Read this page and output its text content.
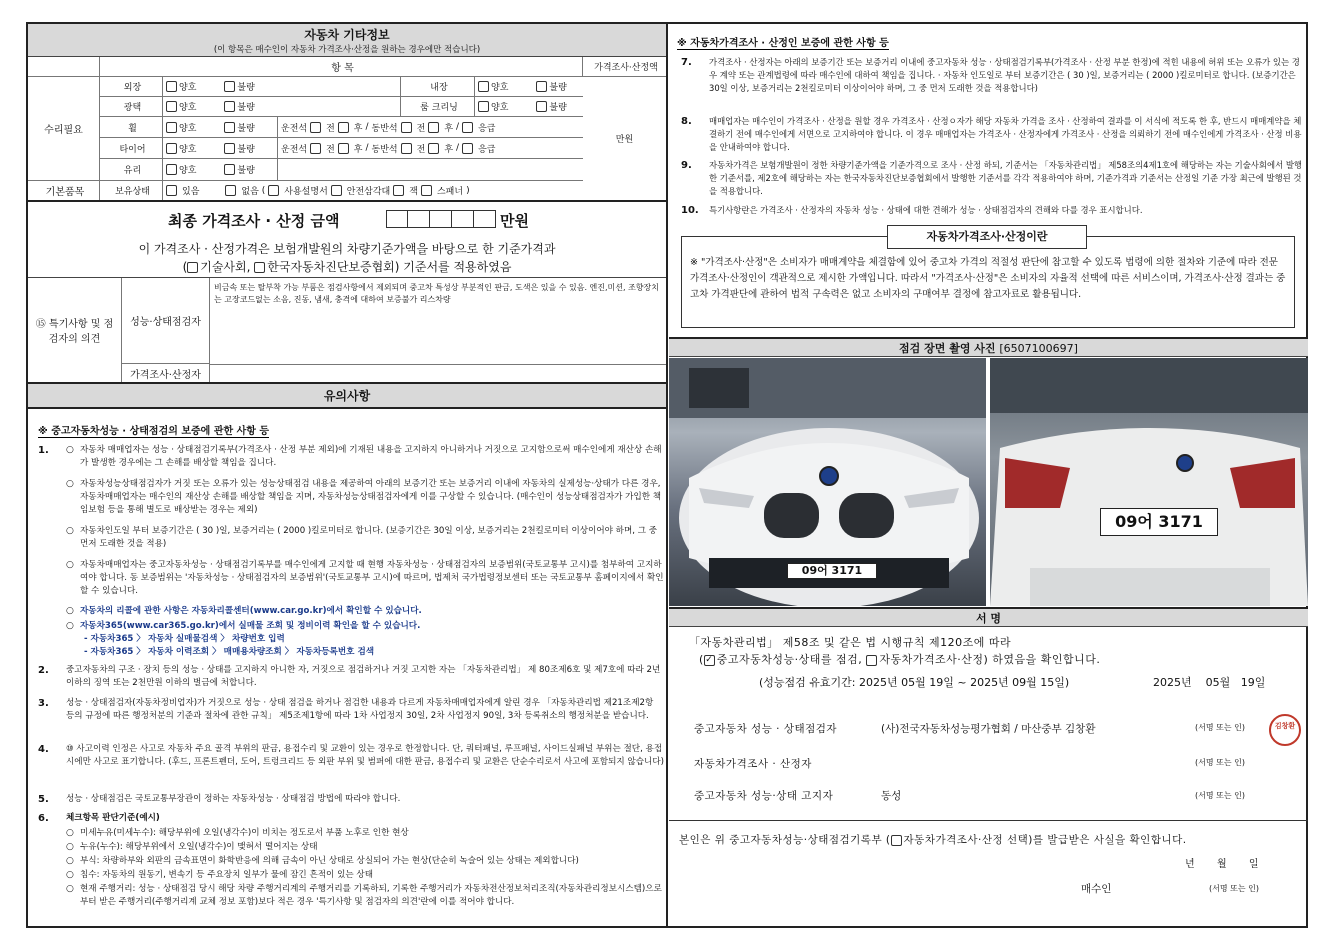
자동차 기타정보
(이 항목은 매수인이 자동차 가격조사·산정을 원하는 경우에만 적습니다)
항 목	가격조사·산정액
수리필요
만원
외장	양호	불량	내장	양호	불량
광택	양호	불량	룸 크리닝	양호	불량
휠	양호	불량	운전석 전 후 / 동반석 전 후 / 응급
타이어	양호	불량	운전석 전 후 / 동반석 전 후 / 응급
유리	양호	불량
기본품목	보유상태	있음	없음 ( 사용설명서 안전삼각대 잭 스패너 )
최종 가격조사 · 산정 금액	만원
이 가격조사 · 산정가격은 보험개발원의 차량기준가액을 바탕으로 한 기준가격과
( 기술사회, 한국자동차진단보증협회) 기준서를 적용하였음
⑮ 특기사항 및 점검자의 의견
성능·상태점검자
비금속 또는 탈부착 가능 부품은 점검사항에서 제외되며 중고차 특성상 부분적인 판금, 도색은 있을 수 있음. 엔진,미션, 조향장치는 고장코드없는 소음, 진동, 냄새, 충격에 대하여 보증불가 리스차량
가격조사·산정자
유의사항
※ 중고자동차성능 · 상태점검의 보증에 관한 사항 등
1. ○ 자동차 매매업자는 성능 · 상태점검기록부(가격조사 · 산정 부분 제외)에 기재된 내용을 고지하지 아니하거나 거짓으로 고지함으로써 매수인에게 재산상 손해가 발생한 경우에는 그 손해를 배상할 책임을 집니다.
○ 자동차성능상태점검자가 거짓 또는 오류가 있는 성능상태점검 내용을 제공하여 아래의 보증기간 또는 보증거리 이내에 자동차의 실제성능·상태가 다른 경우, 자동차매매업자는 매수인의 재산상 손해를 배상할 책임을 지며, 자동차성능상태점검자에게 이를 구상할 수 있습니다. (매수인이 성능상태점검자가 가입한 책임보험 등을 통해 별도로 배상받는 경우는 제외)
○ 자동차인도일 부터 보증기간은 ( 30 )일, 보증거리는 ( 2000 )킬로미터로 합니다. (보증기간은 30일 이상, 보증거리는 2천킬로미터 이상이어야 하며, 그 중 먼저 도래한 것을 적용)
○ 자동차매매업자는 중고자동차성능 · 상태점검기록부를 매수인에게 고지할 때 현행 자동차성능 · 상태점검자의 보증범위(국토교통부 고시)를 첨부하여 고지하여야 합니다. 동 보증범위는 '자동차성능 · 상태점검자의 보증범위'(국토교통부 고시)에 따르며, 법제처 국가법령정보센터 또는 국토교통부 홈페이지에서 확인할 수 있습니다.
○ 자동차의 리콜에 관한 사항은 자동차리콜센터(www.car.go.kr)에서 확인할 수 있습니다.
○ 자동차365(www.car365.go.kr)에서 실매물 조회 및 정비이력 확인을 할 수 있습니다.
- 자동차365 〉 자동차 실매물검색 〉 차량번호 입력
- 자동차365 〉 자동차 이력조회 〉 매매용차량조회 〉 자동차등록번호 검색
2. 중고자동차의 구조 · 장치 등의 성능 · 상태를 고지하지 아니한 자, 거짓으로 점검하거나 거짓 고지한 자는 「자동차관리법」 제 80조제6호 및 제7호에 따라 2년 이하의 징역 또는 2천만원 이하의 벌금에 처합니다.
3. 성능 · 상태점검자(자동차정비업자)가 거짓으로 성능 · 상태 점검을 하거나 점검한 내용과 다르게 자동차매매업자에게 알린 경우 「자동차관리법 제21조제2항 등의 규정에 따른 행정처분의 기준과 절차에 관한 규칙」 제5조제1항에 따라 1차 사업정지 30일, 2차 사업정지 90일, 3차 등록취소의 행정처분을 받습니다.
4. ⑩ 사고이력 인정은 사고로 자동차 주요 골격 부위의 판금, 용접수리 및 교환이 있는 경우로 한정합니다. 단, 쿼터패널, 루프패널, 사이드실패널 부위는 절단, 용접 시에만 사고로 표기합니다. (후드, 프론트펜더, 도어, 트렁크리드 등 외판 부위 및 범퍼에 대한 판금, 용접수리 및 교환은 단순수리로서 사고에 포함되지 않습니다)
5. 성능 · 상태점검은 국토교통부장관이 정하는 자동차성능 · 상태점검 방법에 따라야 합니다.
6. 체크항목 판단기준(예시)
○ 미세누유(미세누수): 해당부위에 오일(냉각수)이 비치는 정도로서 부품 노후로 인한 현상
○ 누유(누수): 해당부위에서 오일(냉각수)이 맺혀서 떨어지는 상태
○ 부식: 차량하부와 외판의 금속표면이 화학반응에 의해 금속이 아닌 상태로 상실되어 가는 현상(단순히 녹슬어 있는 상태는 제외합니다)
○ 침수: 자동차의 원동기, 변속기 등 주요장치 일부가 물에 잠긴 흔적이 있는 상태
○ 현재 주행거리: 성능 · 상태점검 당시 해당 차량 주행거리계의 주행거리를 기록하되, 기록한 주행거리가 자동차전산정보처리조직(자동차관리정보시스템)으로부터 받은 주행거리(주행거리계 교체 정보 포함)보다 적은 경우 '특기사항 및 점검자의 의견'란에 이를 적어야 합니다.
※ 자동차가격조사 · 산정인 보증에 관한 사항 등
7. 가격조사 · 산정자는 아래의 보증기간 또는 보증거리 이내에 중고자동차 성능 · 상태점검기록부(가격조사 · 산정 부분 한정)에 적힌 내용에 허위 또는 오류가 있는 경우 계약 또는 관계법령에 따라 매수인에 대하여 책임을 집니다. · 자동차 인도일로 부터 보증기간은 ( 30 )일, 보증거리는 ( 2000 )킬로미터로 합니다. (보증기간은 30일 이상, 보증거리는 2천킬로미터 이상이어야 하며, 그 중 먼저 도래한 것을 적용합니다)
8. 매매업자는 매수인이 가격조사 · 산정을 원할 경우 가격조사 · 산정ㅇ자가 해당 자동차 가격을 조사 · 산정하여 결과를 이 서식에 적도록 한 후, 반드시 매매계약을 체결하기 전에 매수인에게 서면으로 고지하여야 합니다. 이 경우 매매업자는 가격조사 · 산정자에게 가격조사 · 산정을 의뢰하기 전에 매수인에게 가격조사 · 산정 비용을 안내하여야 합니다.
9. 자동차가격은 보험개발원이 정한 차량기준가액을 기준가격으로 조사 · 산정 하되, 기준서는 「자동차관리법」 제58조의4제1호에 해당하는 자는 기술사회에서 발행한 기준서를, 제2호에 해당하는 자는 한국자동차진단보증협회에서 발행한 기준서를 각각 적용하여야 하며, 기준가격과 기준서는 산정일 기준 가장 최근에 발행된 것을 적용합니다.
10. 특기사항란은 가격조사 · 산정자의 자동차 성능 · 상태에 대한 견해가 성능 · 상태점검자의 견해와 다를 경우 표시합니다.
자동차가격조사·산정이란
※ "가격조사·산정"은 소비자가 매매계약을 체결함에 있어 중고차 가격의 적절성 판단에 참고할 수 있도록 법령에 의한 절차와 기준에 따라 전문 가격조사·산정인이 객관적으로 제시한 가액입니다. 따라서 "가격조사·산정"은 소비자의 자율적 선택에 따른 서비스이며, 가격조사·산정 결과는 중고차 가격판단에 관하여 법적 구속력은 없고 소비자의 구매여부 결정에 참고자료로 활용됩니다.
점검 장면 촬영 사진 [6507100697]
09어 3171
09어 3171
서 명
「자동차관리법」 제58조 및 같은 법 시행규칙 제120조에 따라
(✓ 중고자동차성능·상태를 점검, 자동차가격조사·산정) 하였음을 확인합니다.
(성능점검 유효기간: 2025년 05월 19일 ~ 2025년 09월 15일)	2025년 05월 19일
중고자동차 성능 · 상태점검자	(사)전국자동차성능평가협회 / 마산중부 김창환	(서명 또는 인)	김창환
자동차가격조사 · 산정자	(서명 또는 인)
중고자동차 성능·상태 고지자	동성	(서명 또는 인)
본인은 위 중고자동차성능·상태점검기록부 ( 자동차가격조사·산정 선택)를 발급받은 사실을 확인합니다.
년 월 일
매수인	(서명 또는 인)
